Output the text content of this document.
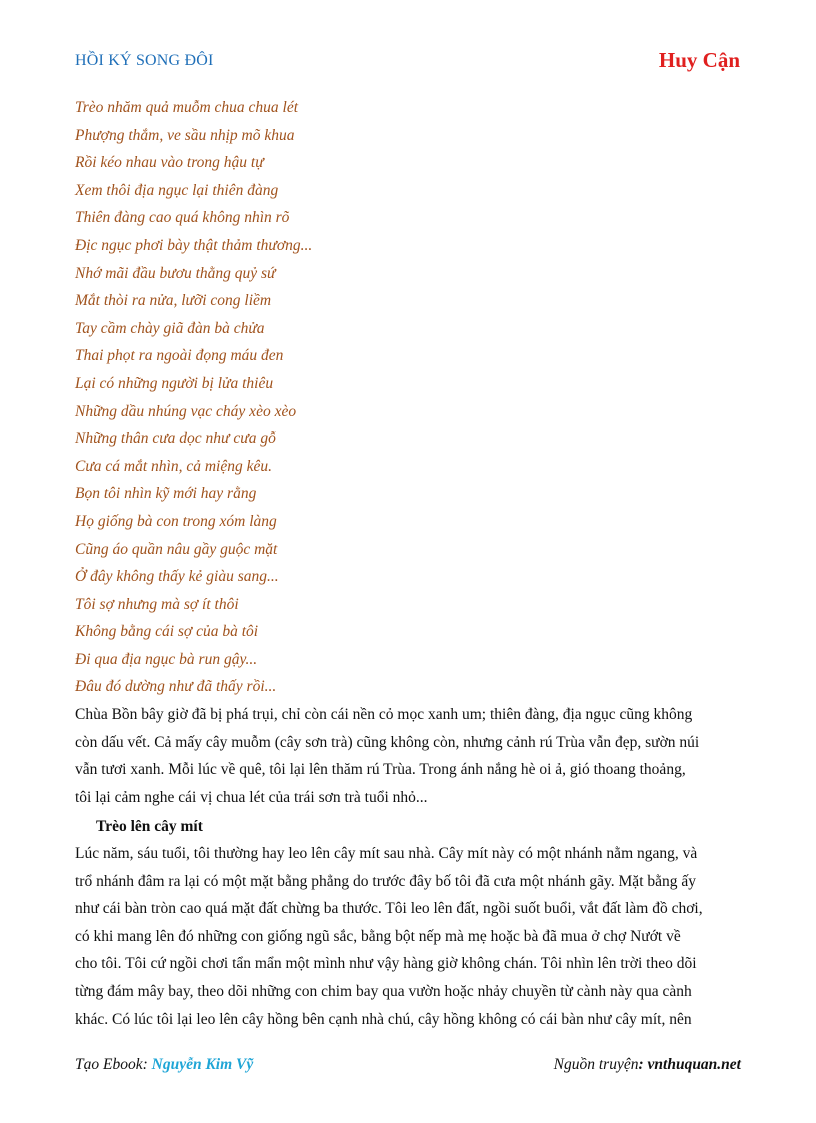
HỒI KÝ SONG ĐÔI	Huy Cận
Trèo nhăm quả muỗm chua chua lét
Phượng thắm, ve sầu nhịp mõ khua
Rồi kéo nhau vào trong hậu tự
Xem thôi địa ngục lại thiên đàng
Thiên đàng cao quá không nhìn rõ
Địc ngục phơi bày thật thảm thương...
Nhớ mãi đầu bươu thằng quỷ sứ
Mắt thòi ra nửa, lưỡi cong liềm
Tay cầm chày giã đàn bà chửa
Thai phọt ra ngoài đọng máu đen
Lại có những người bị lửa thiêu
Những dầu nhúng vạc cháy xèo xèo
Những thân cưa dọc như cưa gỗ
Cưa cá mắt nhìn, cả miệng kêu.
Bọn tôi nhìn kỹ mới hay rằng
Họ giống bà con trong xóm làng
Cũng áo quần nâu gầy guộc mặt
Ở đây không thấy kẻ giàu sang...
Tôi sợ nhưng mà sợ ít thôi
Không bằng cái sợ của bà tôi
Đi qua địa ngục bà run gậy...
Đâu đó dường như đã thấy rồi...
Chùa Bồn bây giờ đã bị phá trụi, chỉ còn cái nền cỏ mọc xanh um; thiên đàng, địa ngục cũng không
còn dấu vết. Cả mấy cây muỗm (cây sơn trà) cũng không còn, nhưng cảnh rú Trùa vẫn đẹp, sườn núi
vẫn tươi xanh. Mỗi lúc về quê, tôi lại lên thăm rú Trùa. Trong ánh nắng hè oi ả, gió thoang thoảng,
tôi lại cảm nghe cái vị chua lét của trái sơn trà tuổi nhỏ...
Trèo lên cây mít
Lúc năm, sáu tuổi, tôi thường hay leo lên cây mít sau nhà. Cây mít này có một nhánh nằm ngang, và
trổ nhánh đâm ra lại có một mặt bằng phẳng do trước đây bố tôi đã cưa một nhánh gãy. Mặt bằng ấy
như cái bàn tròn cao quá mặt đất chừng ba thước. Tôi leo lên đất, ngồi suốt buổi, vắt đất làm đồ chơi,
có khi mang lên đó những con giống ngũ sắc, bằng bột nếp mà mẹ hoặc bà đã mua ở chợ Nướt về
cho tôi. Tôi cứ ngồi chơi tẩn mẩn một mình như vậy hàng giờ không chán. Tôi nhìn lên trời theo dõi
từng đám mây bay, theo dõi những con chim bay qua vườn hoặc nhảy chuyền từ cành này qua cành
khác. Có lúc tôi lại leo lên cây hồng bên cạnh nhà chú, cây hồng không có cái bàn như cây mít, nên
Tạo Ebook: Nguyễn Kim Vỹ	Nguồn truyện: vnthuquan.net
